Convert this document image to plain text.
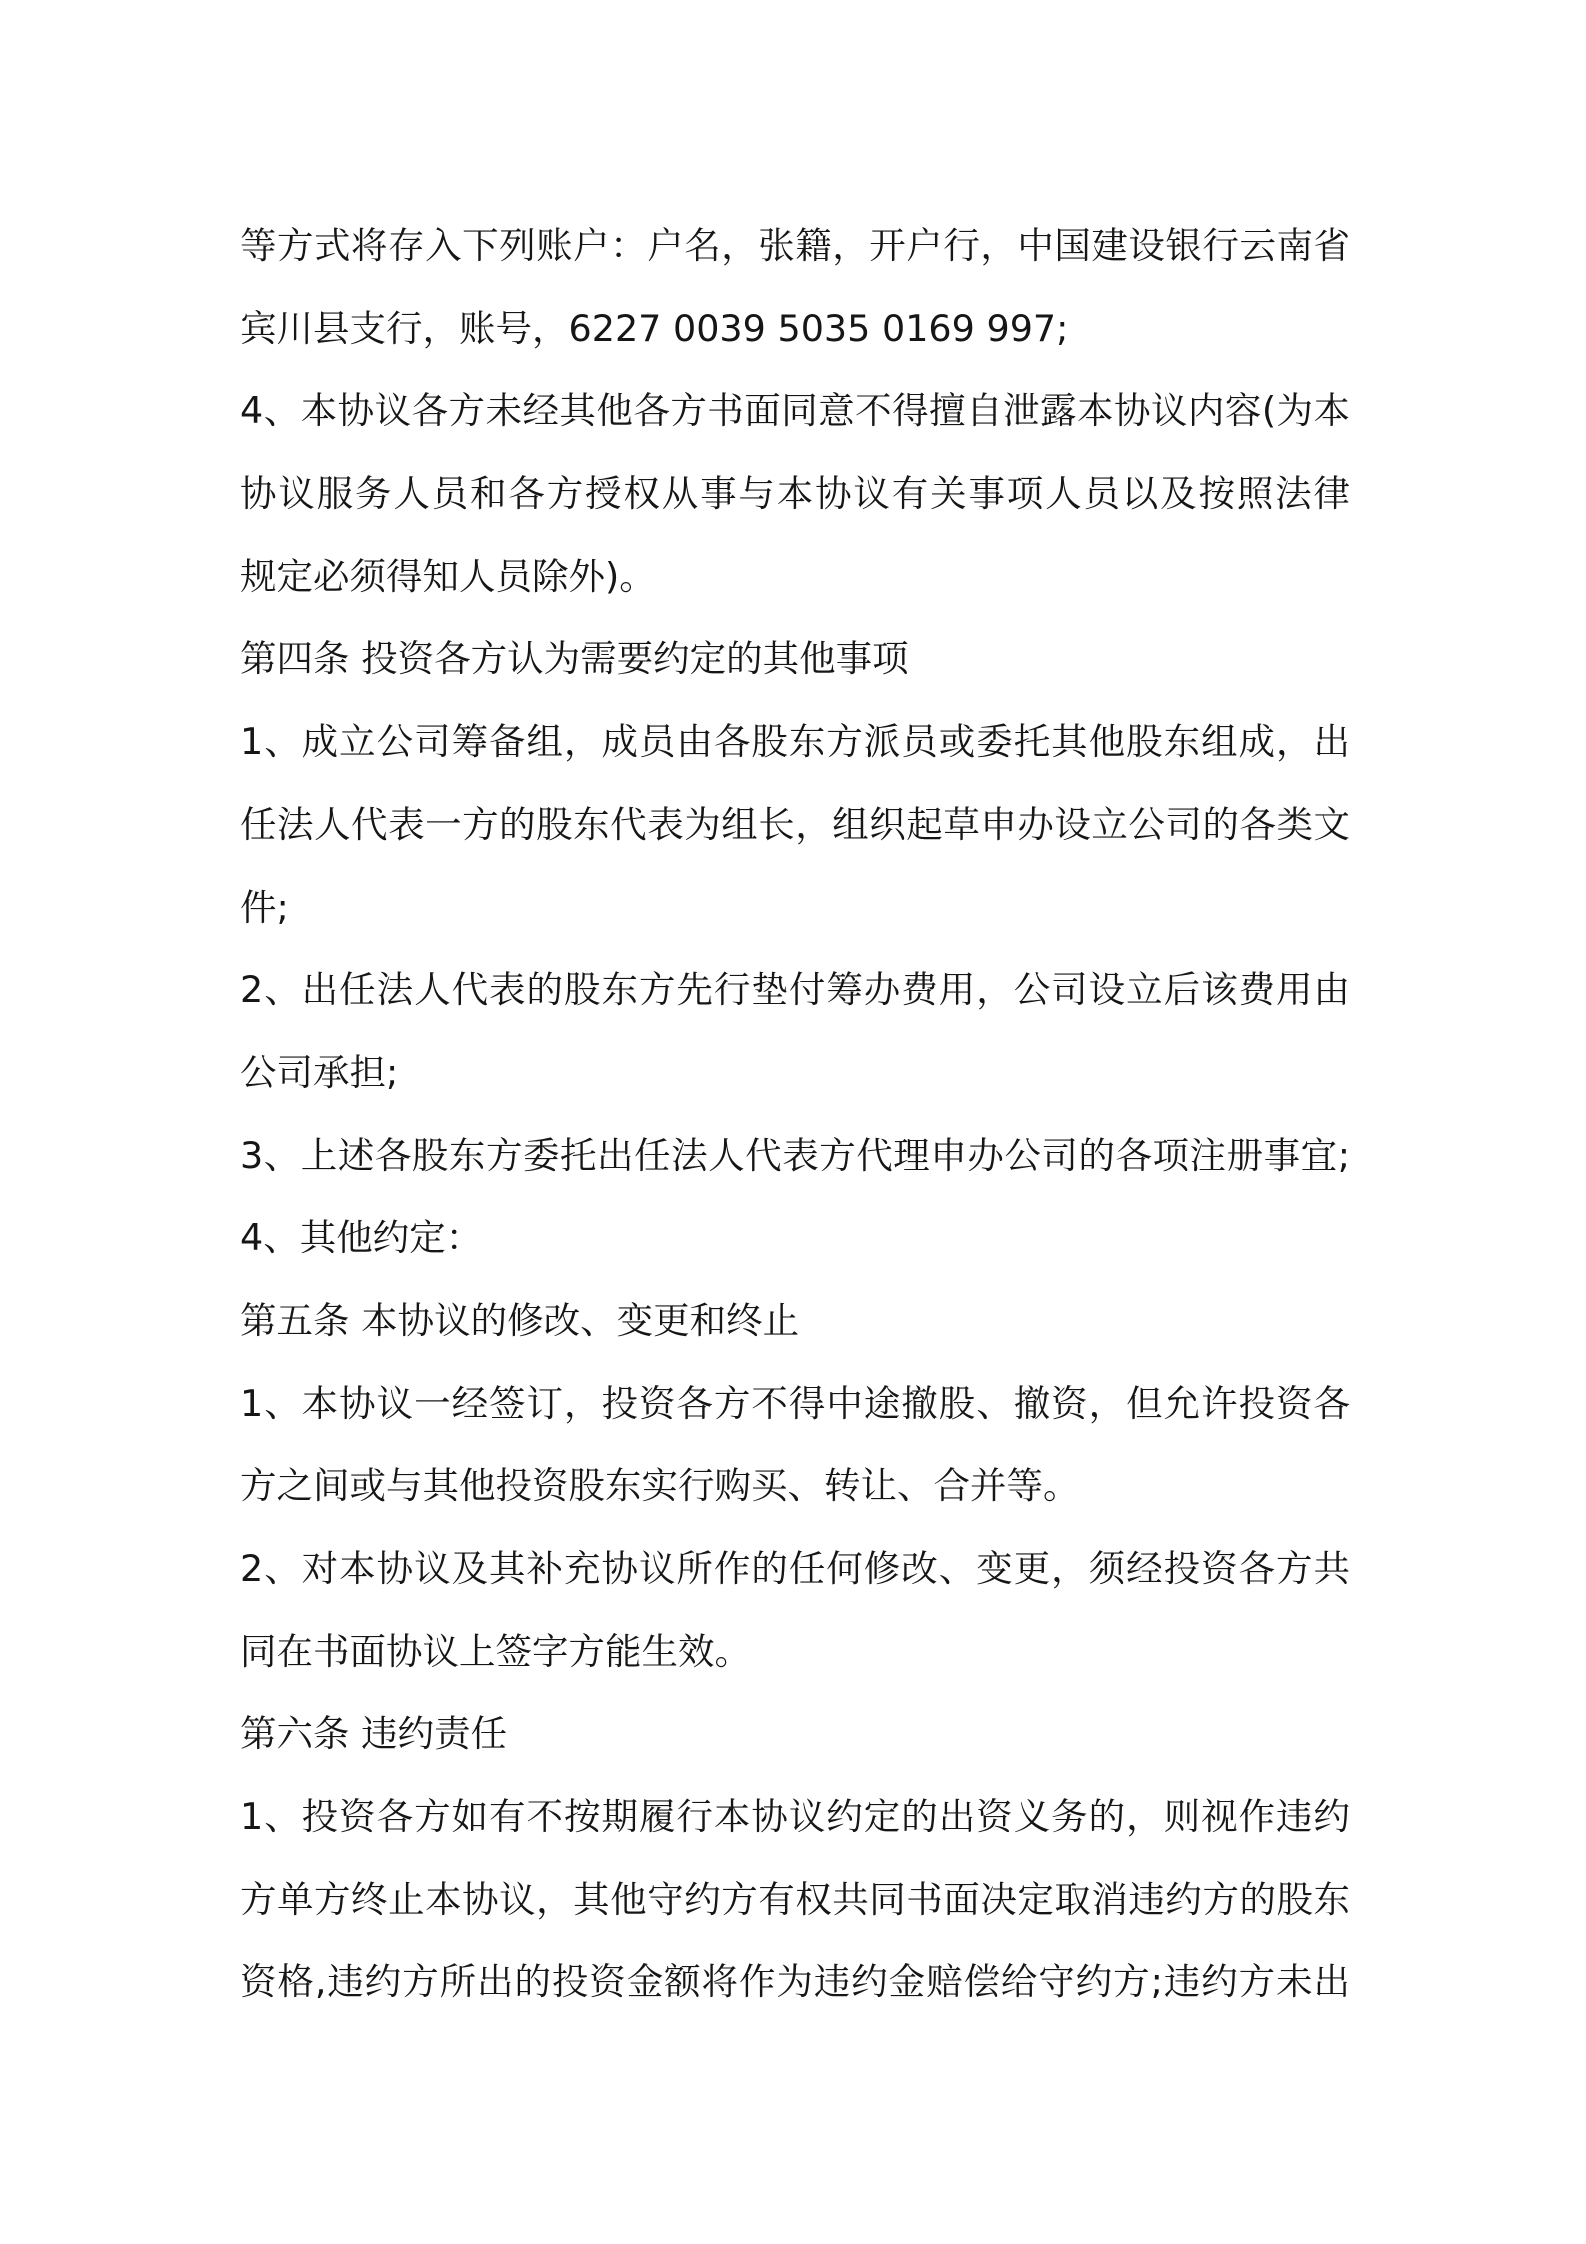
等方式将存入下列账户：户名，张籍，开户行，中国建设银行云南省
宾川县支行，账号，6227 0039 5035 0169 997;
4、本协议各方未经其他各方书面同意不得擅自泄露本协议内容(为本
协议服务人员和各方授权从事与本协议有关事项人员以及按照法律
规定必须得知人员除外)。
第四条 投资各方认为需要约定的其他事项
1、成立公司筹备组，成员由各股东方派员或委托其他股东组成，出
任法人代表一方的股东代表为组长，组织起草申办设立公司的各类文
件;
2、出任法人代表的股东方先行垫付筹办费用，公司设立后该费用由
公司承担;
3、上述各股东方委托出任法人代表方代理申办公司的各项注册事宜;
4、其他约定：
第五条 本协议的修改、变更和终止
1、本协议一经签订，投资各方不得中途撤股、撤资，但允许投资各
方之间或与其他投资股东实行购买、转让、合并等。
2、对本协议及其补充协议所作的任何修改、变更，须经投资各方共
同在书面协议上签字方能生效。
第六条 违约责任
1、投资各方如有不按期履行本协议约定的出资义务的，则视作违约
方单方终止本协议，其他守约方有权共同书面决定取消违约方的股东
资格,违约方所出的投资金额将作为违约金赔偿给守约方;违约方未出
